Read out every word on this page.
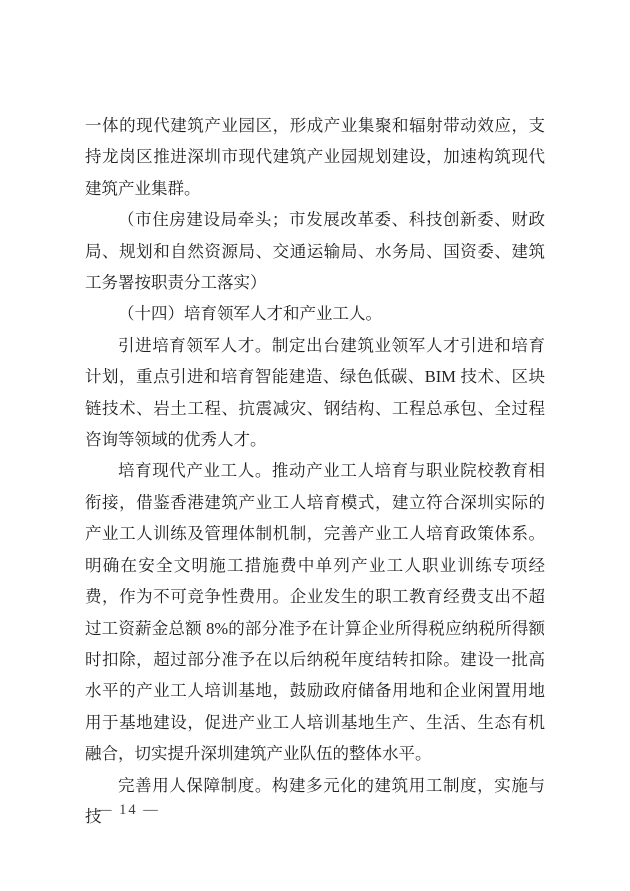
一体的现代建筑产业园区，形成产业集聚和辐射带动效应，支持龙岗区推进深圳市现代建筑产业园规划建设，加速构筑现代建筑产业集群。

（市住房建设局牵头；市发展改革委、科技创新委、财政局、规划和自然资源局、交通运输局、水务局、国资委、建筑工务署按职责分工落实）

（十四）培育领军人才和产业工人。

引进培育领军人才。制定出台建筑业领军人才引进和培育计划，重点引进和培育智能建造、绿色低碳、BIM 技术、区块链技术、岩土工程、抗震减灾、钢结构、工程总承包、全过程咨询等领域的优秀人才。

培育现代产业工人。推动产业工人培育与职业院校教育相衔接，借鉴香港建筑产业工人培育模式，建立符合深圳实际的产业工人训练及管理体制机制，完善产业工人培育政策体系。明确在安全文明施工措施费中单列产业工人职业训练专项经费，作为不可竞争性费用。企业发生的职工教育经费支出不超过工资薪金总额 8%的部分准予在计算企业所得税应纳税所得额时扣除，超过部分准予在以后纳税年度结转扣除。建设一批高水平的产业工人培训基地，鼓励政府储备用地和企业闲置用地用于基地建设，促进产业工人培训基地生产、生活、生态有机融合，切实提升深圳建筑产业队伍的整体水平。

完善用人保障制度。构建多元化的建筑用工制度，实施与技

— 14 —
